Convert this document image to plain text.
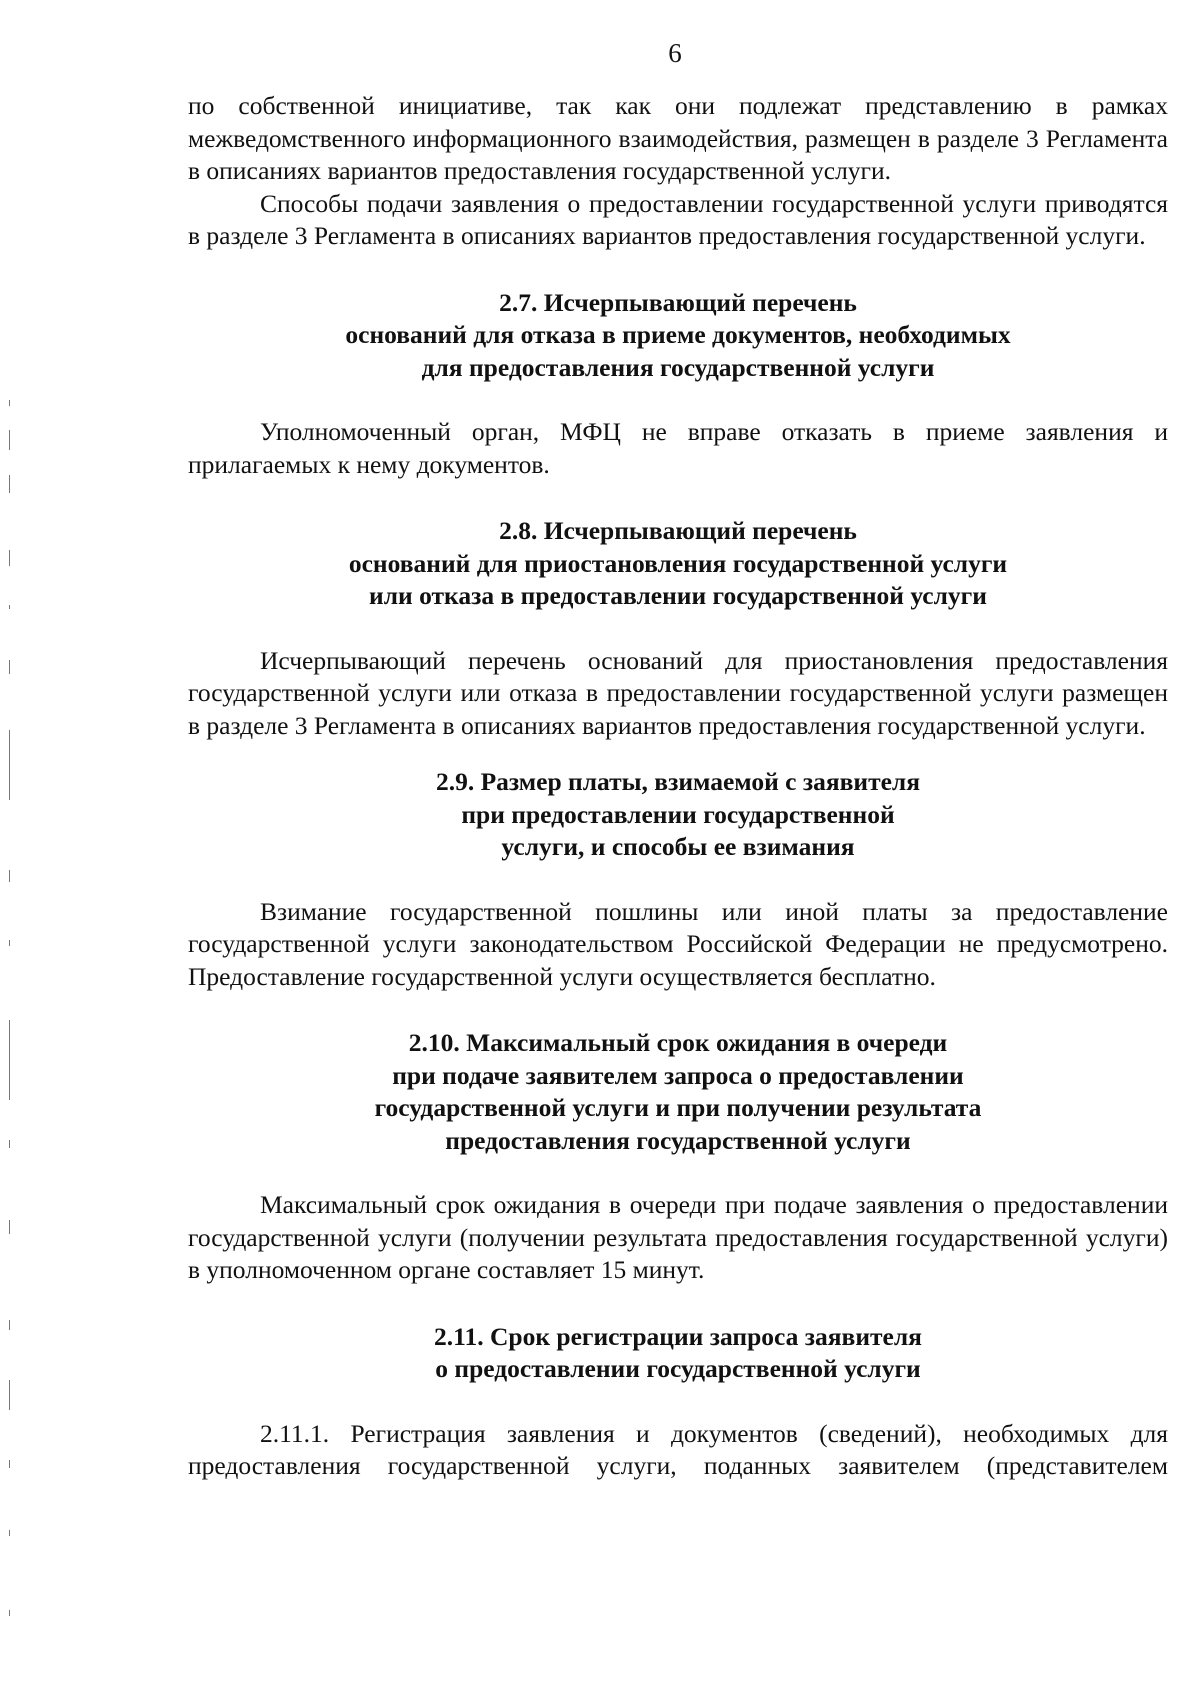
6

по собственной инициативе, так как они подлежат представлению в рамках межведомственного информационного взаимодействия, размещен в разделе 3 Регламента в описаниях вариантов предоставления государственной услуги.

Способы подачи заявления о предоставлении государственной услуги приводятся в разделе 3 Регламента в описаниях вариантов предоставления государственной услуги.

2.7. Исчерпывающий перечень
оснований для отказа в приеме документов, необходимых
для предоставления государственной услуги

Уполномоченный орган, МФЦ не вправе отказать в приеме заявления и прилагаемых к нему документов.

2.8. Исчерпывающий перечень
оснований для приостановления государственной услуги
или отказа в предоставлении государственной услуги

Исчерпывающий перечень оснований для приостановления предоставления государственной услуги или отказа в предоставлении государственной услуги размещен в разделе 3 Регламента в описаниях вариантов предоставления государственной услуги.

2.9. Размер платы, взимаемой с заявителя
при предоставлении государственной
услуги, и способы ее взимания

Взимание государственной пошлины или иной платы за предоставление государственной услуги законодательством Российской Федерации не предусмотрено. Предоставление государственной услуги осуществляется бесплатно.

2.10. Максимальный срок ожидания в очереди
при подаче заявителем запроса о предоставлении
государственной услуги и при получении результата
предоставления государственной услуги

Максимальный срок ожидания в очереди при подаче заявления о предоставлении государственной услуги (получении результата предоставления государственной услуги) в уполномоченном органе составляет 15 минут.

2.11. Срок регистрации запроса заявителя
о предоставлении государственной услуги

2.11.1. Регистрация заявления и документов (сведений), необходимых для предоставления государственной услуги, поданных заявителем (представителем
